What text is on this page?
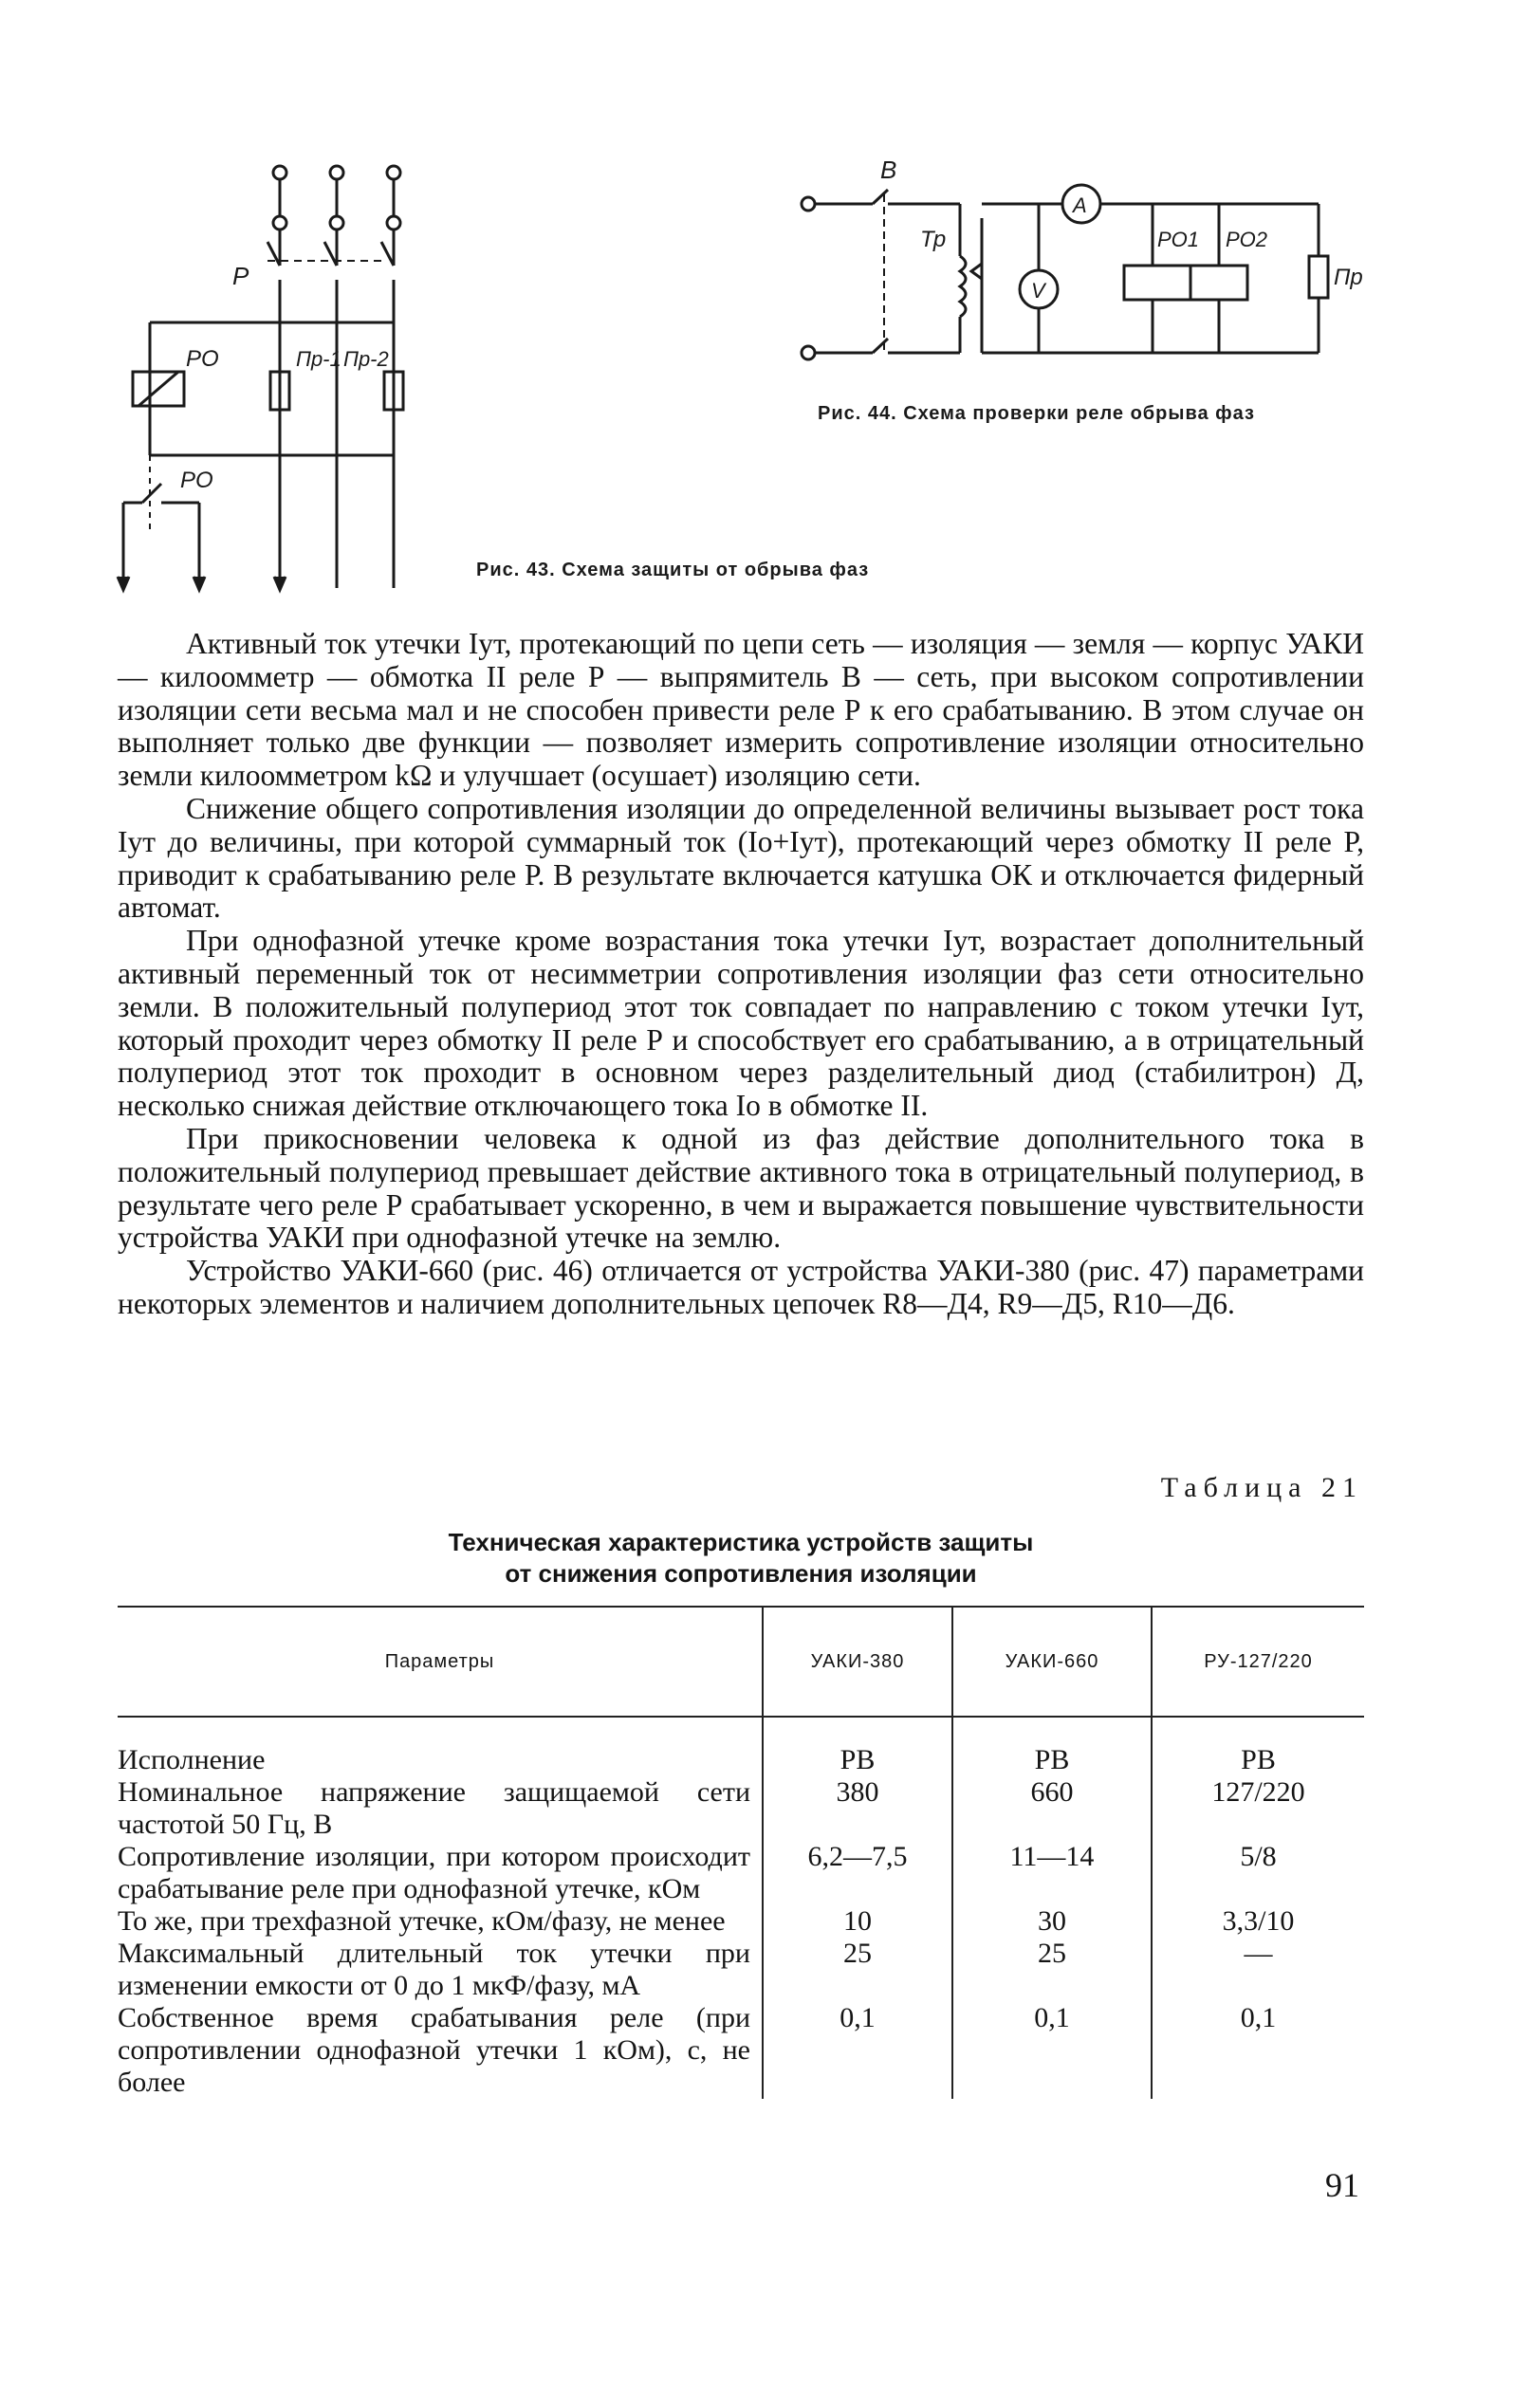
Р
РО	Пр-1 Пр-2
РО
Рис. 43. Схема защиты от обрыва фаз
В
Тр
А
V
РО1 РО2
Пр
Рис. 44. Схема проверки реле обрыва фаз

Активный ток утечки Iут, протекающий по цепи сеть — изоляция — земля — корпус УАКИ — килоомметр — обмотка II реле Р — выпрямитель В — сеть, при высоком сопротивлении изоляции сети весьма мал и не способен привести реле Р к его срабатыванию. В этом случае он выполняет только две функции — позволяет измерить сопротивление изоляции относительно земли килоомметром kΩ и улучшает (осушает) изоляцию сети.

Снижение общего сопротивления изоляции до определенной величины вызывает рост тока Iут до величины, при которой суммарный ток (Iо+Iут), протекающий через обмотку II реле Р, приводит к срабатыванию реле Р. В результате включается катушка ОК и отключается фидерный автомат.

При однофазной утечке кроме возрастания тока утечки Iут, возрастает дополнительный активный переменный ток от несимметрии сопротивления изоляции фаз сети относительно земли. В положительный полупериод этот ток совпадает по направлению с током утечки Iут, который проходит через обмотку II реле Р и способствует его срабатыванию, а в отрицательный полупериод этот ток проходит в основном через разделительный диод (стабилитрон) Д, несколько снижая действие отключающего тока Iо в обмотке II.

При прикосновении человека к одной из фаз действие дополнительного тока в положительный полупериод превышает действие активного тока в отрицательный полупериод, в результате чего реле Р срабатывает ускоренно, в чем и выражается повышение чувствительности устройства УАКИ при однофазной утечке на землю.

Устройство УАКИ-660 (рис. 46) отличается от устройства УАКИ-380 (рис. 47) параметрами некоторых элементов и наличием дополнительных цепочек R8—Д4, R9—Д5, R10—Д6.

Таблица 21
Техническая характеристика устройств защиты
от снижения сопротивления изоляции
Параметры	УАКИ-380	УАКИ-660	РУ-127/220
Исполнение	РВ	РВ	РВ
Номинальное напряжение защищаемой сети частотой 50 Гц, В	380	660	127/220
Сопротивление изоляции, при котором происходит срабатывание реле при однофазной утечке, кОм	6,2—7,5	11—14	5/8
То же, при трехфазной утечке, кОм/фазу, не менее	10	30	3,3/10
Максимальный длительный ток утечки при изменении емкости от 0 до 1 мкФ/фазу, мА	25	25	—
Собственное время срабатывания реле (при сопротивлении однофазной утечки 1 кОм), с, не более	0,1	0,1	0,1
91
